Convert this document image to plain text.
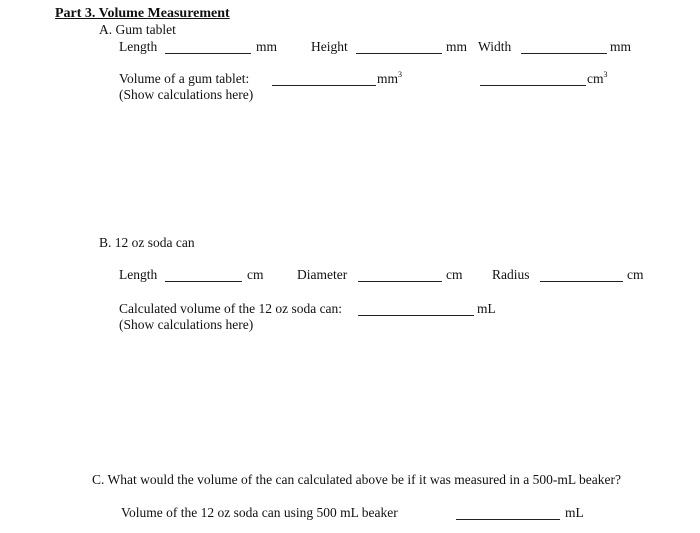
Part 3. Volume Measurement
A. Gum tablet
Length	mm	Height	mm Width	mm
Volume of a gum tablet:	$mm^3$	$cm^3$
(Show calculations here)
B. 12 oz soda can
Length	cm Diameter	cm Radius	cm
Calculated volume of the 12 oz soda can:	mL
(Show calculations here)
C. What would the volume of the can calculated above be if it was measured in a 500-mL beaker?
Volume of the 12 oz soda can using 500 mL beaker	mL
